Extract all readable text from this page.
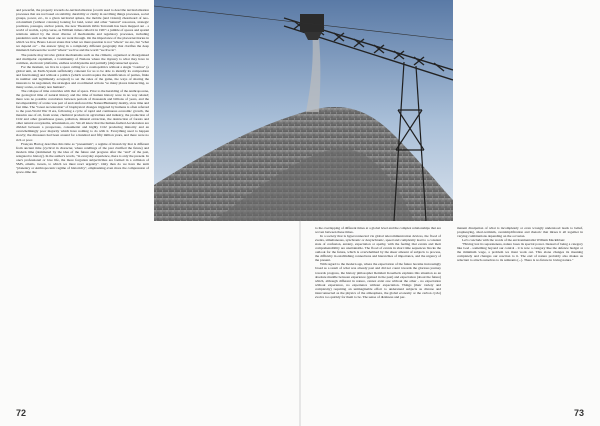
and powerful, the property towards de-territorialisation (a term used to describe territorialisation processes that are not based on stability, durability or clarity in ascribing things processes, social groups, power, etc., in a given territorial sphere, the mobile (and violent) chessboard of neo-colonialism (without colonies) looking for land, water and other "natural" resources, strategic positions, passages, anchor points, the new Theatrum Orbis Terrarum has been mapped out - a world of worlds, a play-verse, as William James called it in 1907: a jumble of spaces and spatial relations united by the most diverse of mechanisms and regulatory processes, including pandemics such as the latest one we went through. On the importance of the places/territories in which we live, Bruno Latour states that what we must question is not "where" we are, but "what we depend on" - the answer lying in a completely different geography that clarifies the deep mismatch between the world "where" we live and the world "we live in".

The puzzle may involve global mechanisms such as the climatic, organised or disorganised and multipolar capitalism, a Community of Nations where the mystery is what they have in common, electronic platforms, endless worldsystems and partially (dis)connected spaces.

For the moment, we live in a space calling for a cosmopolitics without a single "cosmos" (a global unit, an Earth-System sufficiently coherent for us to be able to identify its composition and functioning) and without a politics (which would require the identification of parties, finite in number and legitimately accepted) to set the rules of the game, the ways of sharing the interests to be negotiated, the strategies and coordinated actions "so many places intersecting, so many scales, so many non humans".

The collapse of time coincides with that of space. Prior to the heralding of the Anthropocene, the geological time of natural history and the time of human history were in no way related; there was no possible correlation between periods of thousands and billions of years, and the incomparability of scales was part of and reinforced the Nature/Humanity duality, slow time and fast time. The "Great Acceleration" of biophysical changes triggered by humans is often referred to the post-World War II era, following a cycle of rapid and continuous economic growth, the massive use of oil, fresh water, chemical products in agriculture and industry, the production of CO2 and other greenhouse gases, pollution, mineral extraction, the destruction of forests and other natural ecosystems, urbanisation, etc. We all know that the human-fuelled Acceleration are divided between a prosperous, consumerist and highly CO2 producing minority and an overwhelmingly poor majority which have nothing to do with it. Everything used to happen slowly; the dinosaurs had been around for a hundred and fifty million years, and there were no rich or poor.

François Hartog describes this time as "presentism", a regime of historicity that is different from ancient time (cyclical in character, where retellings of the past clarified the future) and modern time (dominated by the idea of the future and progress after the "end" of the past, relegated to history). In the author's words, "in everyday experience, there is only the present. In one's professional or love life, the more forgotten subjectivities are formed in a collision of SMS, emails, tweets, to which we must react urgently". Only then do we have the term "planetary or Anthropocenic regime of historicity", emphasising even more the compression of space-time due

72

to the overlapping of different times at a global level and the complex relationships that are woven between these times.

In a society that is hyperconnected via global telecommunication devices, the flood of events, simultaneous, synchronic or desynchronic, speed and complexity lead to a constant state of confusion, anxiety, expectation or apathy, with the feeling that events and their comprehensibility are unattainable. The flood of events in short time sequences blocks the outlook for the future, which is overwhelmed by the sheer amount of subjects to process, the difficulty in establishing connections and hierarchies of importance, and the urgency of the present.

With regard to the modern age, where the expectation of the future became increasingly broad as a result of what was already past and did not count towards the glorious journey towards progress, the history philosopher Reinhart Koselleck explains this situation as an absolute muddle between experience (gained in the past) and expectation (about the future) which, although different in nature, cannot exist one without the other - no expectation without experience, no experience without expectation. Things (their variety and complexity) requiring an unimaginable effort to understand subjects as diverse and interconnected as the physics of the atmosphere, the global economy or the carbon cycle) evolve too quickly for them to be. The sense of dizziness and per-

manent dissipation of what is incompletely or even wrongly understood leads to belief, prophesying, short-termism, oversimplification and rhetoric that mixes it all together in varying combinations depending on the occasion.

Let's conclude with the words of the environmentalist William Mackibben:

"Having lost its separateness, nature loses its special power. Instead of being a category like God - something beyond our control - it is now a category like the defence budget or the minimum wage, a problem we must work out. This alone changes its meaning completely and changes our reaction to it. The end of nature probably also makes us reluctant to attach ourselves to its remnants (...). There is no future in loving nature."

73
